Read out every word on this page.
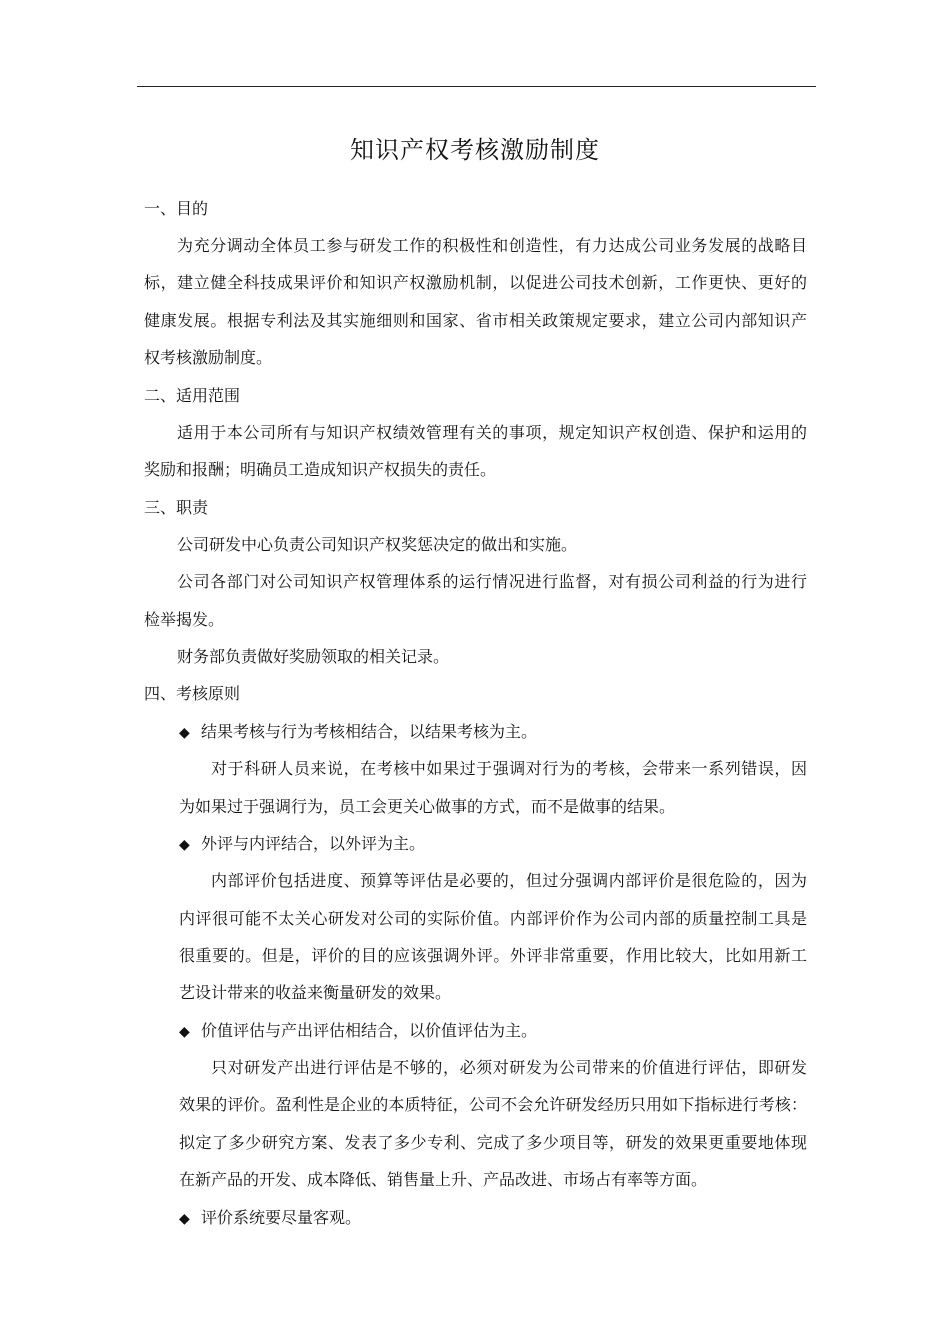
知识产权考核激励制度
一、目的
为充分调动全体员工参与研发工作的积极性和创造性，有力达成公司业务发展的战略目
标，建立健全科技成果评价和知识产权激励机制，以促进公司技术创新，工作更快、更好的
健康发展。根据专利法及其实施细则和国家、省市相关政策规定要求，建立公司内部知识产
权考核激励制度。
二、适用范围
适用于本公司所有与知识产权绩效管理有关的事项，规定知识产权创造、保护和运用的
奖励和报酬；明确员工造成知识产权损失的责任。
三、职责
公司研发中心负责公司知识产权奖惩决定的做出和实施。
公司各部门对公司知识产权管理体系的运行情况进行监督，对有损公司利益的行为进行
检举揭发。
财务部负责做好奖励领取的相关记录。
四、考核原则
◆ 结果考核与行为考核相结合，以结果考核为主。
对于科研人员来说，在考核中如果过于强调对行为的考核，会带来一系列错误，因
为如果过于强调行为，员工会更关心做事的方式，而不是做事的结果。
◆ 外评与内评结合，以外评为主。
内部评价包括进度、预算等评估是必要的，但过分强调内部评价是很危险的，因为
内评很可能不太关心研发对公司的实际价值。内部评价作为公司内部的质量控制工具是
很重要的。但是，评价的目的应该强调外评。外评非常重要，作用比较大，比如用新工
艺设计带来的收益来衡量研发的效果。
◆ 价值评估与产出评估相结合，以价值评估为主。
只对研发产出进行评估是不够的，必须对研发为公司带来的价值进行评估，即研发
效果的评价。盈利性是企业的本质特征，公司不会允许研发经历只用如下指标进行考核：
拟定了多少研究方案、发表了多少专利、完成了多少项目等，研发的效果更重要地体现
在新产品的开发、成本降低、销售量上升、产品改进、市场占有率等方面。
◆ 评价系统要尽量客观。
